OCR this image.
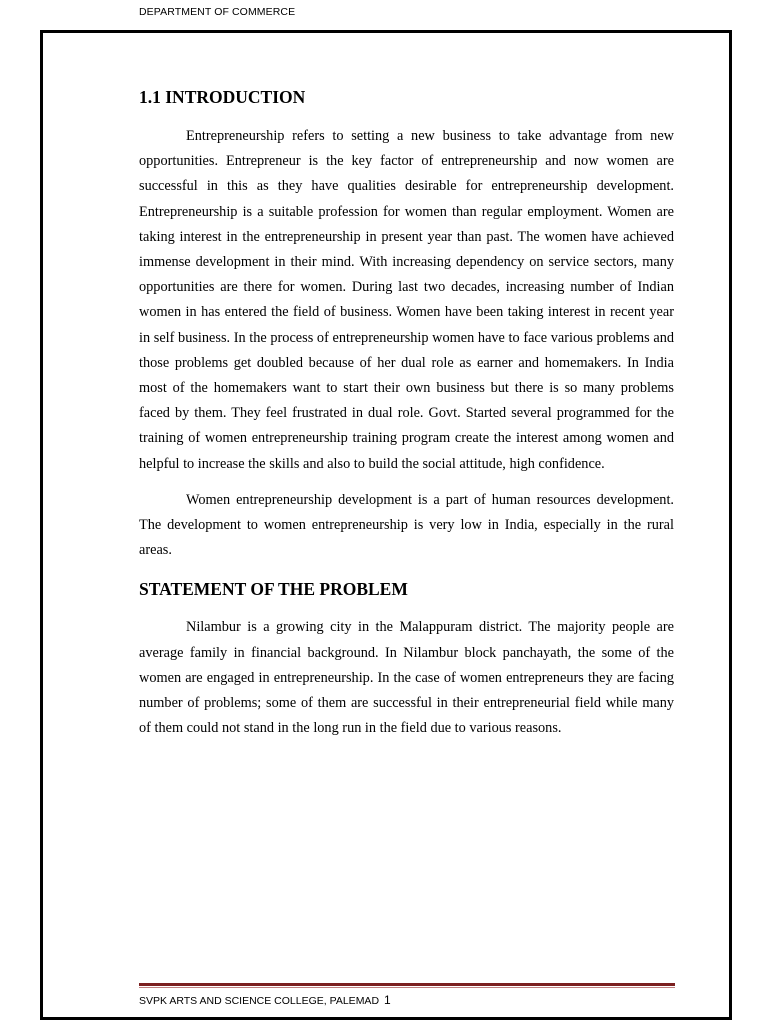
DEPARTMENT OF COMMERCE
1.1 INTRODUCTION

Entrepreneurship refers to setting a new business to take advantage from new opportunities. Entrepreneur is the key factor of entrepreneurship and now women are successful in this as they have qualities desirable for entrepreneurship development. Entrepreneurship is a suitable profession for women than regular employment. Women are taking interest in the entrepreneurship in present year than past. The women have achieved immense development in their mind. With increasing dependency on service sectors, many opportunities are there for women. During last two decades, increasing number of Indian women in has entered the field of business. Women have been taking interest in recent year in self business. In the process of entrepreneurship women have to face various problems and those problems get doubled because of her dual role as earner and homemakers. In India most of the homemakers want to start their own business but there is so many problems faced by them. They feel frustrated in dual role. Govt. Started several programmed for the training of women entrepreneurship training program create the interest among women and helpful to increase the skills and also to build the social attitude, high confidence.

Women entrepreneurship development is a part of human resources development. The development to women entrepreneurship is very low in India, especially in the rural areas.

STATEMENT OF THE PROBLEM

Nilambur is a growing city in the Malappuram district. The majority people are average family in financial background. In Nilambur block panchayath, the some of the women are engaged in entrepreneurship. In the case of women entrepreneurs they are facing number of problems; some of them are successful in their entrepreneurial field while many of them could not stand in the long run in the field due to various reasons.

SVPK ARTS AND SCIENCE COLLEGE, PALEMAD 1
